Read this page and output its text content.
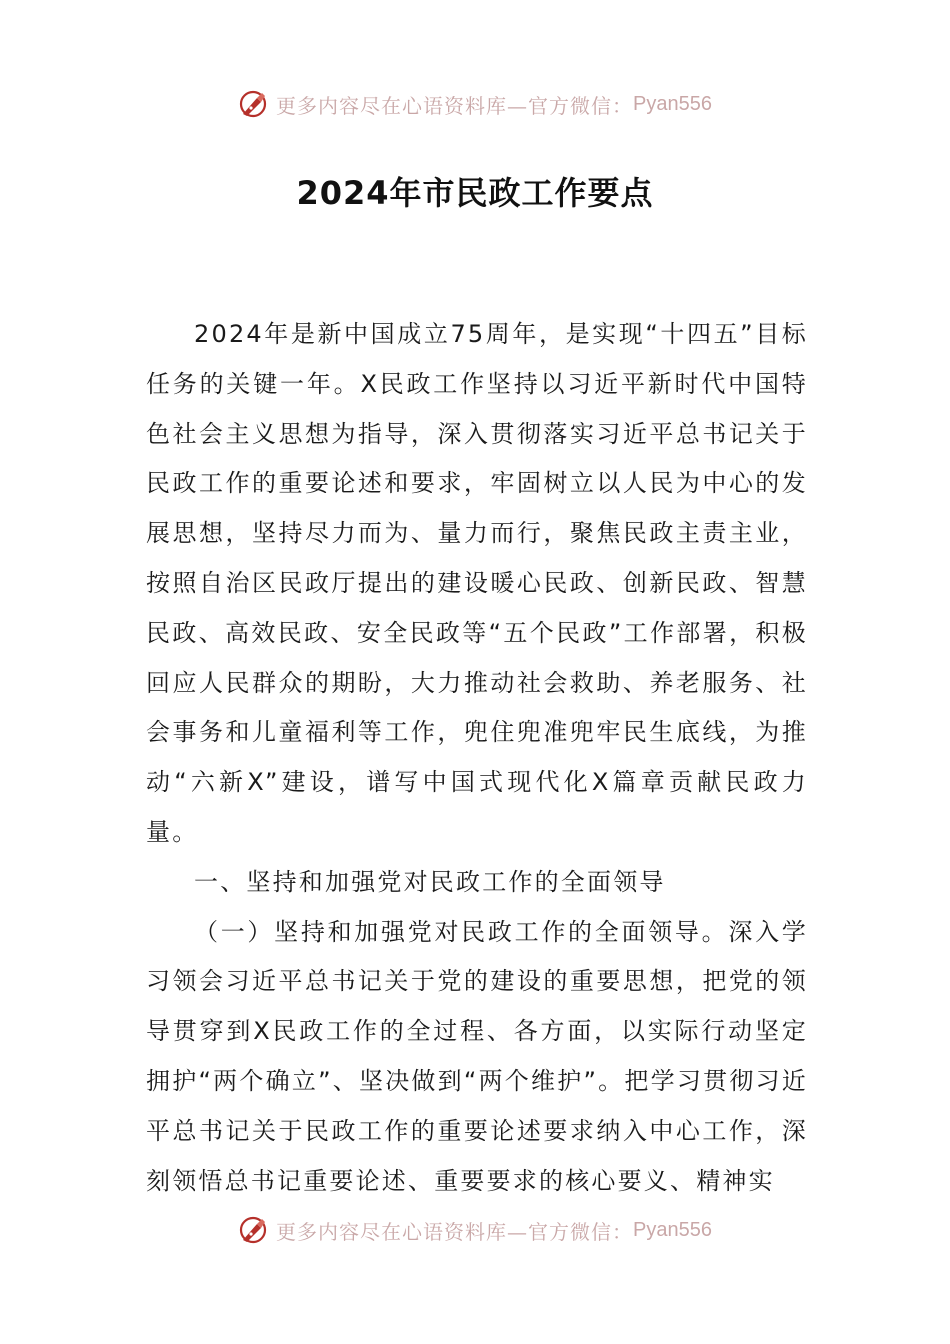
更多内容尽在心语资料库—官方微信： Pyan556
2024年市民政工作要点

2024年是新中国成立75周年，是实现“十四五”目标任务的关键一年。X民政工作坚持以习近平新时代中国特色社会主义思想为指导，深入贯彻落实习近平总书记关于民政工作的重要论述和要求，牢固树立以人民为中心的发展思想，坚持尽力而为、量力而行，聚焦民政主责主业，按照自治区民政厅提出的建设暖心民政、创新民政、智慧民政、高效民政、安全民政等“五个民政”工作部署，积极回应人民群众的期盼，大力推动社会救助、养老服务、社会事务和儿童福利等工作，兜住兜准兜牢民生底线，为推动“六新X”建设，谱写中国式现代化X篇章贡献民政力量。

一、坚持和加强党对民政工作的全面领导

（一）坚持和加强党对民政工作的全面领导。深入学习领会习近平总书记关于党的建设的重要思想，把党的领导贯穿到X民政工作的全过程、各方面，以实际行动坚定拥护“两个确立”、坚决做到“两个维护”。把学习贯彻习近平总书记关于民政工作的重要论述要求纳入中心工作，深刻领悟总书记重要论述、重要要求的核心要义、精神实

更多内容尽在心语资料库—官方微信： Pyan556
